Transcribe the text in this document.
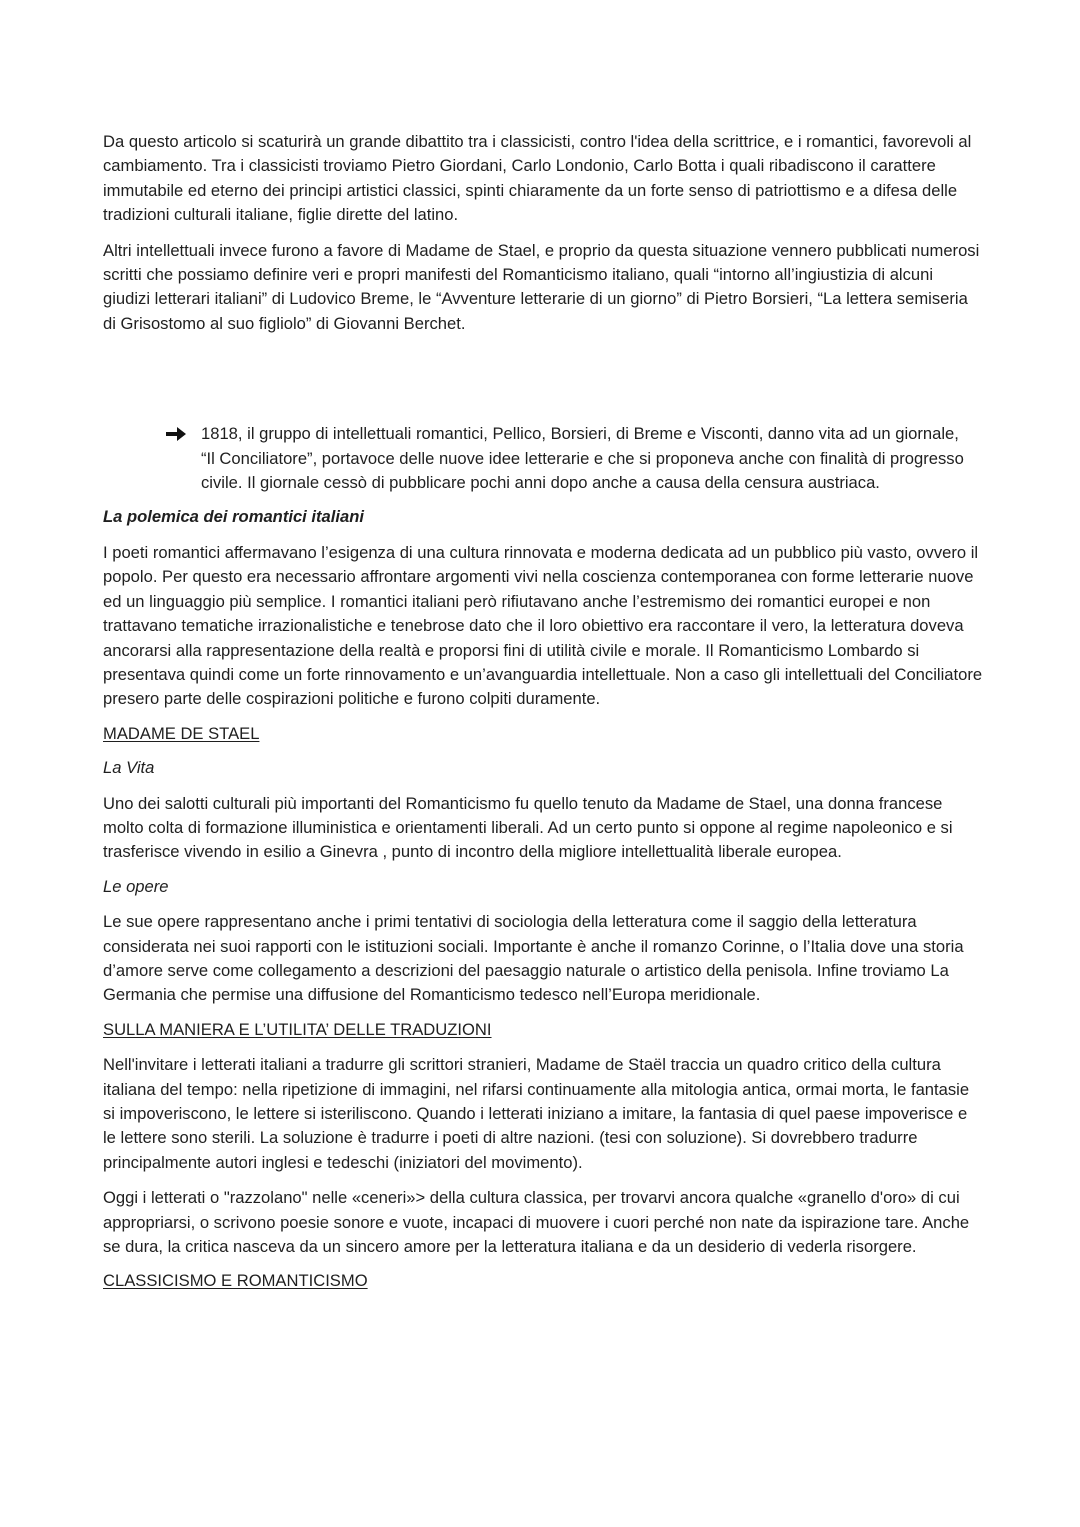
Da questo articolo si scaturirà un grande dibattito tra i classicisti, contro l'idea della scrittrice, e i romantici, favorevoli al cambiamento. Tra i classicisti troviamo Pietro Giordani, Carlo Londonio, Carlo Botta i quali ribadiscono il carattere immutabile ed eterno dei principi artistici classici, spinti chiaramente da un forte senso di patriottismo e a difesa delle tradizioni culturali italiane, figlie dirette del latino.

Altri intellettuali invece furono a favore di Madame de Stael, e proprio da questa situazione vennero pubblicati numerosi scritti che possiamo definire veri e propri manifesti del Romanticismo italiano, quali “intorno all’ingiustizia di alcuni giudizi letterari italiani” di Ludovico Breme, le “Avventure letterarie di un giorno” di Pietro Borsieri, “La lettera semiseria di Grisostomo al suo figliolo” di Giovanni Berchet.

1818, il gruppo di intellettuali romantici, Pellico, Borsieri, di Breme e Visconti, danno vita ad un giornale, “Il Conciliatore”, portavoce delle nuove idee letterarie e che si proponeva anche con finalità di progresso civile. Il giornale cessò di pubblicare pochi anni dopo anche a causa della censura austriaca.

La polemica dei romantici italiani

I poeti romantici affermavano l’esigenza di una cultura rinnovata e moderna dedicata ad un pubblico più vasto, ovvero il popolo. Per questo era necessario affrontare argomenti vivi nella coscienza contemporanea con forme letterarie nuove ed un linguaggio più semplice. I romantici italiani però rifiutavano anche l’estremismo dei romantici europei e non trattavano tematiche irrazionalistiche e tenebrose dato che il loro obiettivo era raccontare il vero, la letteratura doveva ancorarsi alla rappresentazione della realtà e proporsi fini di utilità civile e morale. Il Romanticismo Lombardo si presentava quindi come un forte rinnovamento e un’avanguardia intellettuale. Non a caso gli intellettuali del Conciliatore presero parte delle cospirazioni politiche e furono colpiti duramente.

MADAME DE STAEL

La Vita

Uno dei salotti culturali più importanti del Romanticismo fu quello tenuto da Madame de Stael, una donna francese molto colta di formazione illuministica e orientamenti liberali. Ad un certo punto si oppone al regime napoleonico e si trasferisce vivendo in esilio a Ginevra , punto di incontro della migliore intellettualità liberale europea.

Le opere

Le sue opere rappresentano anche i primi tentativi di sociologia della letteratura come il saggio della letteratura considerata nei suoi rapporti con le istituzioni sociali. Importante è anche il romanzo Corinne, o l’Italia dove una storia d’amore serve come collegamento a descrizioni del paesaggio naturale o artistico della penisola. Infine troviamo La Germania che permise una diffusione del Romanticismo tedesco nell’Europa meridionale.

SULLA MANIERA E L’UTILITA’ DELLE TRADUZIONI

Nell'invitare i letterati italiani a tradurre gli scrittori stranieri, Madame de Staël traccia un quadro critico della cultura italiana del tempo: nella ripetizione di immagini, nel rifarsi continuamente alla mitologia antica, ormai morta, le fantasie si impoveriscono, le lettere si isteriliscono. Quando i letterati iniziano a imitare, la fantasia di quel paese impoverisce e le lettere sono sterili. La soluzione è tradurre i poeti di altre nazioni. (tesi con soluzione). Si dovrebbero tradurre principalmente autori inglesi e tedeschi (iniziatori del movimento).

Oggi i letterati o "razzolano" nelle «ceneri»> della cultura classica, per trovarvi ancora qualche «granello d'oro» di cui appropriarsi, o scrivono poesie sonore e vuote, incapaci di muovere i cuori perché non nate da ispirazione tare. Anche se dura, la critica nasceva da un sincero amore per la letteratura italiana e da un desiderio di vederla risorgere.

CLASSICISMO E ROMANTICISMO
